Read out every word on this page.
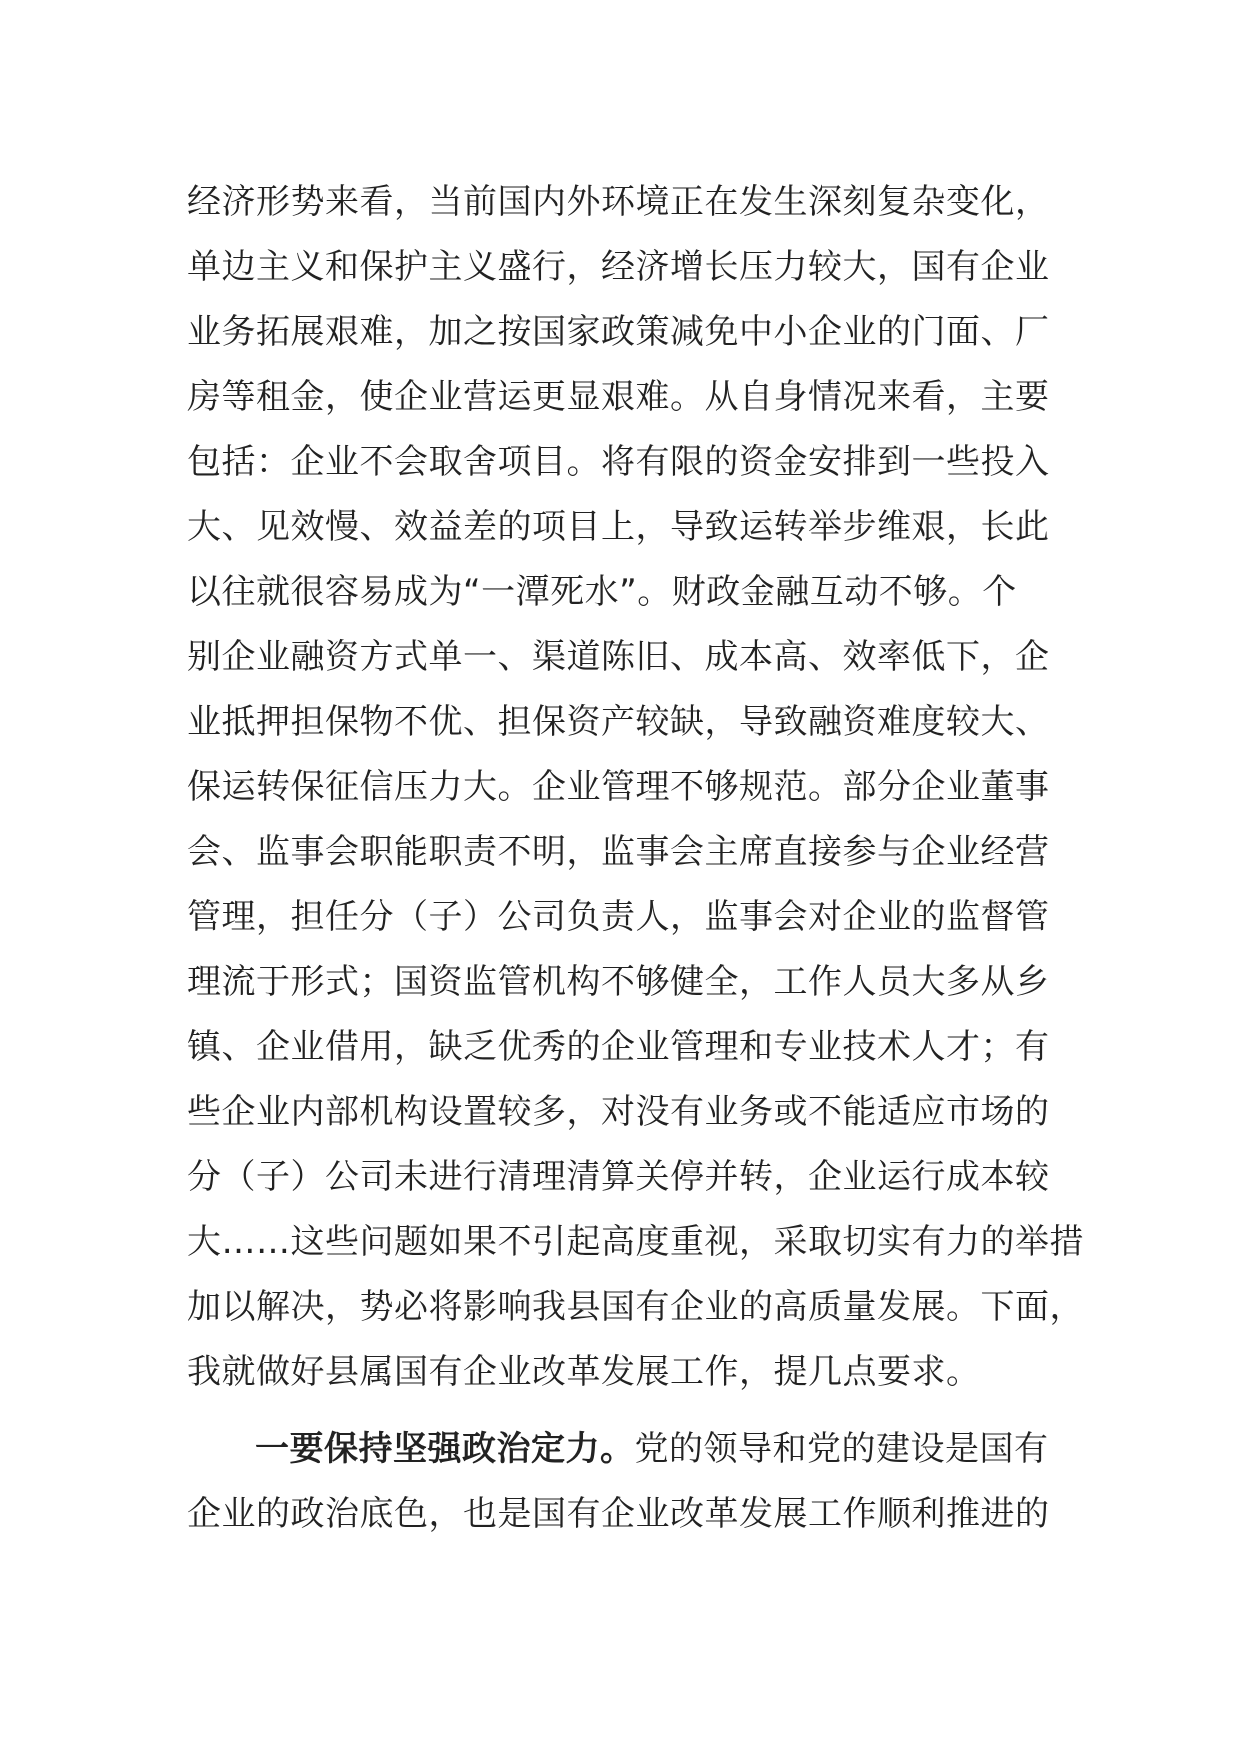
经济形势来看，当前国内外环境正在发生深刻复杂变化，
单边主义和保护主义盛行，经济增长压力较大，国有企业
业务拓展艰难，加之按国家政策减免中小企业的门面、厂
房等租金，使企业营运更显艰难。从自身情况来看，主要
包括：企业不会取舍项目。将有限的资金安排到一些投入
大、见效慢、效益差的项目上，导致运转举步维艰，长此
以往就很容易成为“一潭死水”。财政金融互动不够。个
别企业融资方式单一、渠道陈旧、成本高、效率低下，企
业抵押担保物不优、担保资产较缺，导致融资难度较大、
保运转保征信压力大。企业管理不够规范。部分企业董事
会、监事会职能职责不明，监事会主席直接参与企业经营
管理，担任分（子）公司负责人，监事会对企业的监督管
理流于形式；国资监管机构不够健全，工作人员大多从乡
镇、企业借用，缺乏优秀的企业管理和专业技术人才；有
些企业内部机构设置较多，对没有业务或不能适应市场的
分（子）公司未进行清理清算关停并转，企业运行成本较
大……这些问题如果不引起高度重视，采取切实有力的举措
加以解决，势必将影响我县国有企业的高质量发展。下面，
我就做好县属国有企业改革发展工作，提几点要求。
一要保持坚强政治定力。党的领导和党的建设是国有
企业的政治底色，也是国有企业改革发展工作顺利推进的
